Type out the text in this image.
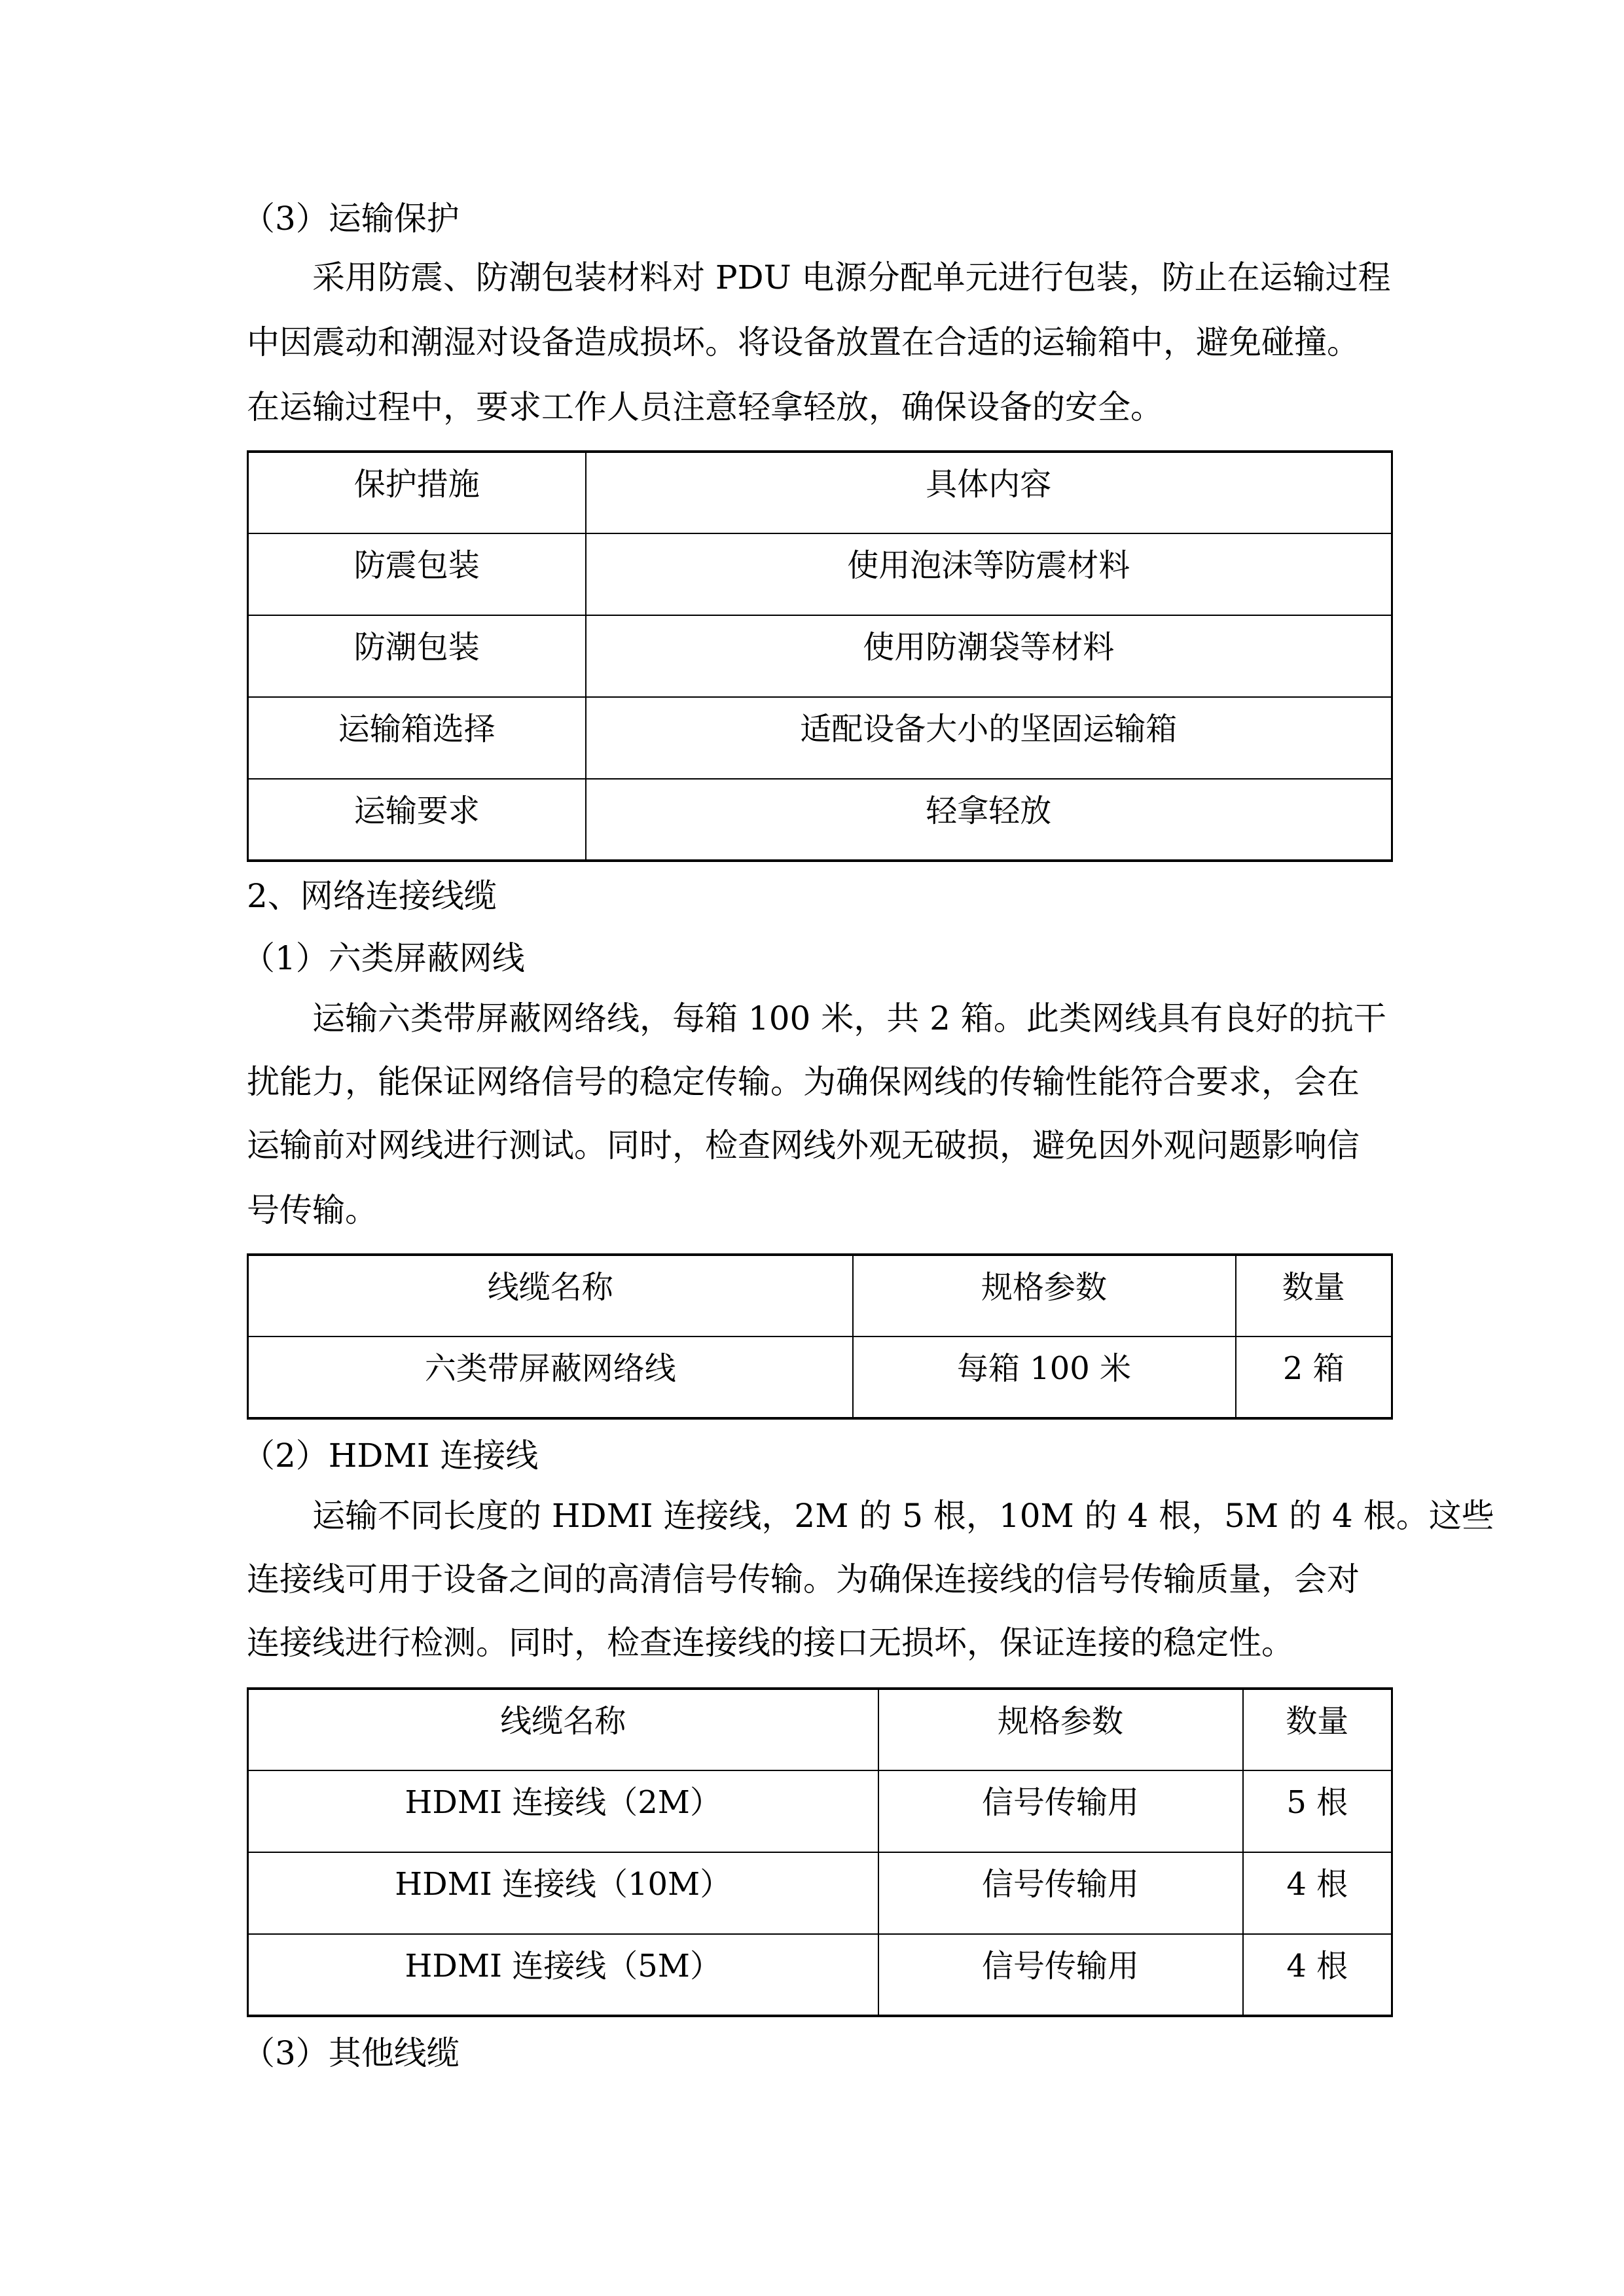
（3）运输保护
采用防震、防潮包装材料对 PDU 电源分配单元进行包装，防止在运输过程
中因震动和潮湿对设备造成损坏。将设备放置在合适的运输箱中，避免碰撞。
在运输过程中，要求工作人员注意轻拿轻放，确保设备的安全。
保护措施	具体内容
防震包装	使用泡沫等防震材料
防潮包装	使用防潮袋等材料
运输箱选择	适配设备大小的坚固运输箱
运输要求	轻拿轻放
2、网络连接线缆
（1）六类屏蔽网线
运输六类带屏蔽网络线，每箱 100 米，共 2 箱。此类网线具有良好的抗干
扰能力，能保证网络信号的稳定传输。为确保网线的传输性能符合要求，会在
运输前对网线进行测试。同时，检查网线外观无破损，避免因外观问题影响信
号传输。
线缆名称	规格参数	数量
六类带屏蔽网络线	每箱 100 米	2 箱
（2）HDMI 连接线
运输不同长度的 HDMI 连接线，2M 的 5 根，10M 的 4 根，5M 的 4 根。这些
连接线可用于设备之间的高清信号传输。为确保连接线的信号传输质量，会对
连接线进行检测。同时，检查连接线的接口无损坏，保证连接的稳定性。
线缆名称	规格参数	数量
HDMI 连接线（2M）	信号传输用	5 根
HDMI 连接线（10M）	信号传输用	4 根
HDMI 连接线（5M）	信号传输用	4 根
（3）其他线缆
